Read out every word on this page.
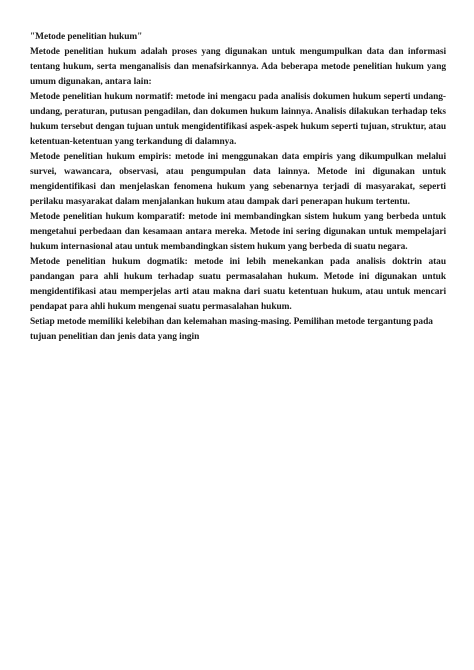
"Metode penelitian hukum"

Metode penelitian hukum adalah proses yang digunakan untuk mengumpulkan data dan informasi tentang hukum, serta menganalisis dan menafsirkannya. Ada beberapa metode penelitian hukum yang umum digunakan, antara lain:

Metode penelitian hukum normatif: metode ini mengacu pada analisis dokumen hukum seperti undang-undang, peraturan, putusan pengadilan, dan dokumen hukum lainnya. Analisis dilakukan terhadap teks hukum tersebut dengan tujuan untuk mengidentifikasi aspek-aspek hukum seperti tujuan, struktur, atau ketentuan-ketentuan yang terkandung di dalamnya.

Metode penelitian hukum empiris: metode ini menggunakan data empiris yang dikumpulkan melalui survei, wawancara, observasi, atau pengumpulan data lainnya. Metode ini digunakan untuk mengidentifikasi dan menjelaskan fenomena hukum yang sebenarnya terjadi di masyarakat, seperti perilaku masyarakat dalam menjalankan hukum atau dampak dari penerapan hukum tertentu.

Metode penelitian hukum komparatif: metode ini membandingkan sistem hukum yang berbeda untuk mengetahui perbedaan dan kesamaan antara mereka. Metode ini sering digunakan untuk mempelajari hukum internasional atau untuk membandingkan sistem hukum yang berbeda di suatu negara.

Metode penelitian hukum dogmatik: metode ini lebih menekankan pada analisis doktrin atau pandangan para ahli hukum terhadap suatu permasalahan hukum. Metode ini digunakan untuk mengidentifikasi atau memperjelas arti atau makna dari suatu ketentuan hukum, atau untuk mencari pendapat para ahli hukum mengenai suatu permasalahan hukum.

Setiap metode memiliki kelebihan dan kelemahan masing-masing. Pemilihan metode tergantung pada tujuan penelitian dan jenis data yang ingin
